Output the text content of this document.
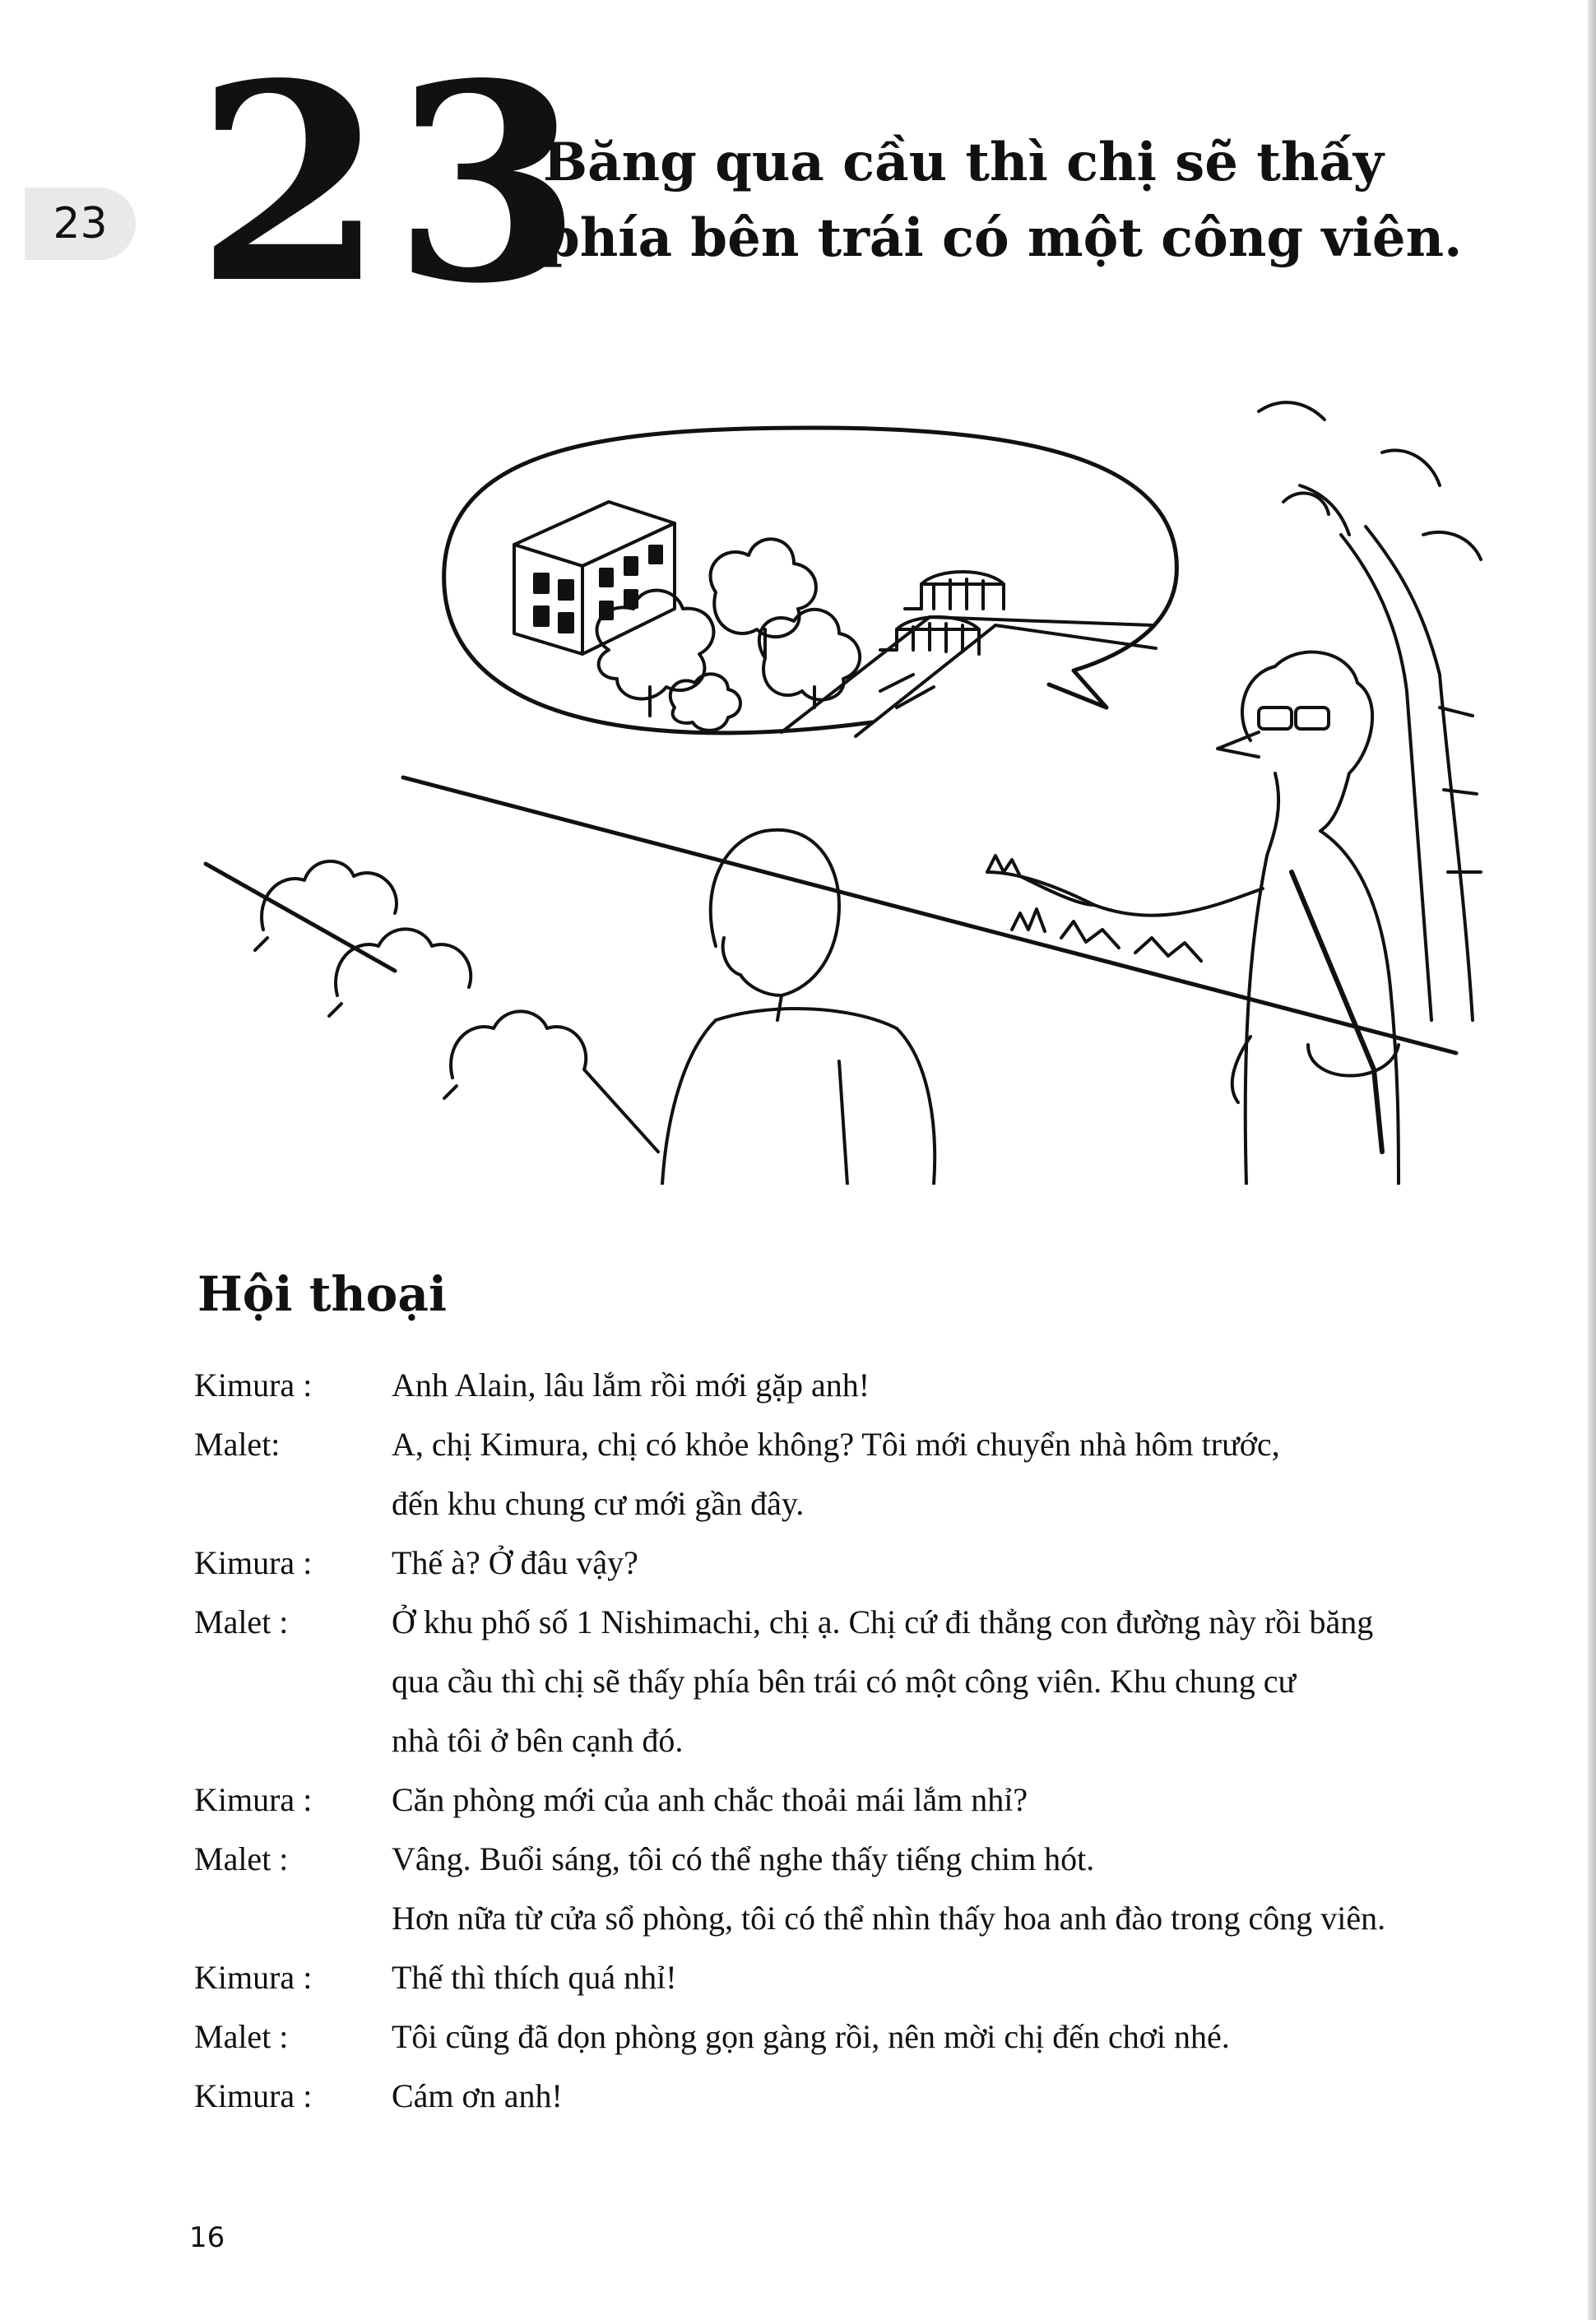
23 23
Băng qua cầu thì chị sẽ thấy
phía bên trái có một công viên.
Hội thoại
Kimura :	Anh Alain, lâu lắm rồi mới gặp anh!
Malet:	A, chị Kimura, chị có khỏe không? Tôi mới chuyển nhà hôm trước,
đến khu chung cư mới gần đây.
Kimura :	Thế à? Ở đâu vậy?
Malet :	Ở khu phố số 1 Nishimachi, chị ạ. Chị cứ đi thẳng con đường này rồi băng
qua cầu thì chị sẽ thấy phía bên trái có một công viên. Khu chung cư
nhà tôi ở bên cạnh đó.
Kimura :	Căn phòng mới của anh chắc thoải mái lắm nhỉ?
Malet :	Vâng. Buổi sáng, tôi có thể nghe thấy tiếng chim hót.
Hơn nữa từ cửa sổ phòng, tôi có thể nhìn thấy hoa anh đào trong công viên.
Kimura :	Thế thì thích quá nhỉ!
Malet :	Tôi cũng đã dọn phòng gọn gàng rồi, nên mời chị đến chơi nhé.
Kimura :	Cám ơn anh!
16
